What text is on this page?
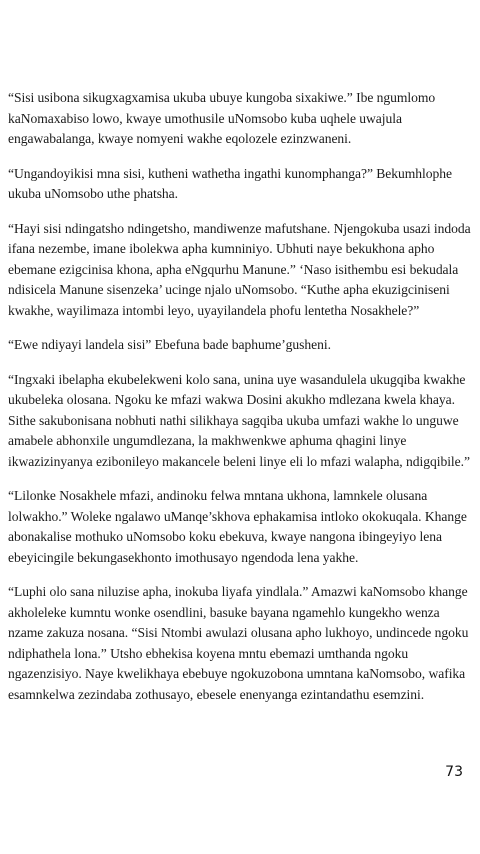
“Sisi usibona sikugxagxamisa ukuba ubuye kungoba sixakiwe.” Ibe ngumlomo kaNomaxabiso lowo, kwaye umothusile uNomsobo kuba uqhele uwajula engawabalanga, kwaye nomyeni wakhe eqolozele ezinzwaneni.

“Ungandoyikisi mna sisi, kutheni wathetha ingathi kunomphanga?” Bekumhlophe ukuba uNomsobo uthe phatsha.

“Hayi sisi ndingatsho ndingetsho, mandiwenze mafutshane. Njengokuba usazi indoda ifana nezembe, imane ibolekwa apha kumniniyo. Ubhuti naye bekukhona apho ebemane ezigcinisa khona, apha eNgqurhu Manune.” ‘Naso isithembu esi bekudala ndisicela Manune sisenzeka’ ucinge njalo uNomsobo. “Kuthe apha ekuzigciniseni kwakhe, wayilimaza intombi leyo, uyayilandela phofu lentetha Nosakhele?”

“Ewe ndiyayi landela sisi” Ebefuna bade baphume’gusheni.

“Ingxaki ibelapha ekubelekweni kolo sana, unina uye wasandulela ukugqiba kwakhe ukubeleka olosana. Ngoku ke mfazi wakwa Dosini akukho mdlezana kwela khaya. Sithe sakubonisana nobhuti nathi silikhaya sagqiba ukuba umfazi wakhe lo unguwe amabele abhonxile ungumdlezana, la makhwenkwe aphuma qhagini linye ikwazizinyanya ezibonileyo makancele beleni linye eli lo mfazi walapha, ndigqibile.”

“Lilonke Nosakhele mfazi, andinoku felwa mntana ukhona, lamnkele olusana lolwakho.” Woleke ngalawo uManqe’skhova ephakamisa intloko okokuqala. Khange abonakalise mothuko uNomsobo koku ebekuva, kwaye nangona ibingeyiyo lena ebeyicingile bekungasekhonto imothusayo ngendoda lena yakhe.

“Luphi olo sana niluzise apha, inokuba liyafa yindlala.” Amazwi kaNomsobo khange akholeleke kumntu wonke osendlini, basuke bayana ngamehlo kungekho wenza nzame zakuza nosana. “Sisi Ntombi awulazi olusana apho lukhoyo, undincede ngoku ndiphathela lona.” Utsho ebhekisa koyena mntu ebemazi umthanda ngoku ngazenzisiyo. Naye kwelikhaya ebebuye ngokuzobona umntana kaNomsobo, wafika esamnkelwa zezindaba zothusayo, ebesele enenyanga ezintandathu esemzini.

73
